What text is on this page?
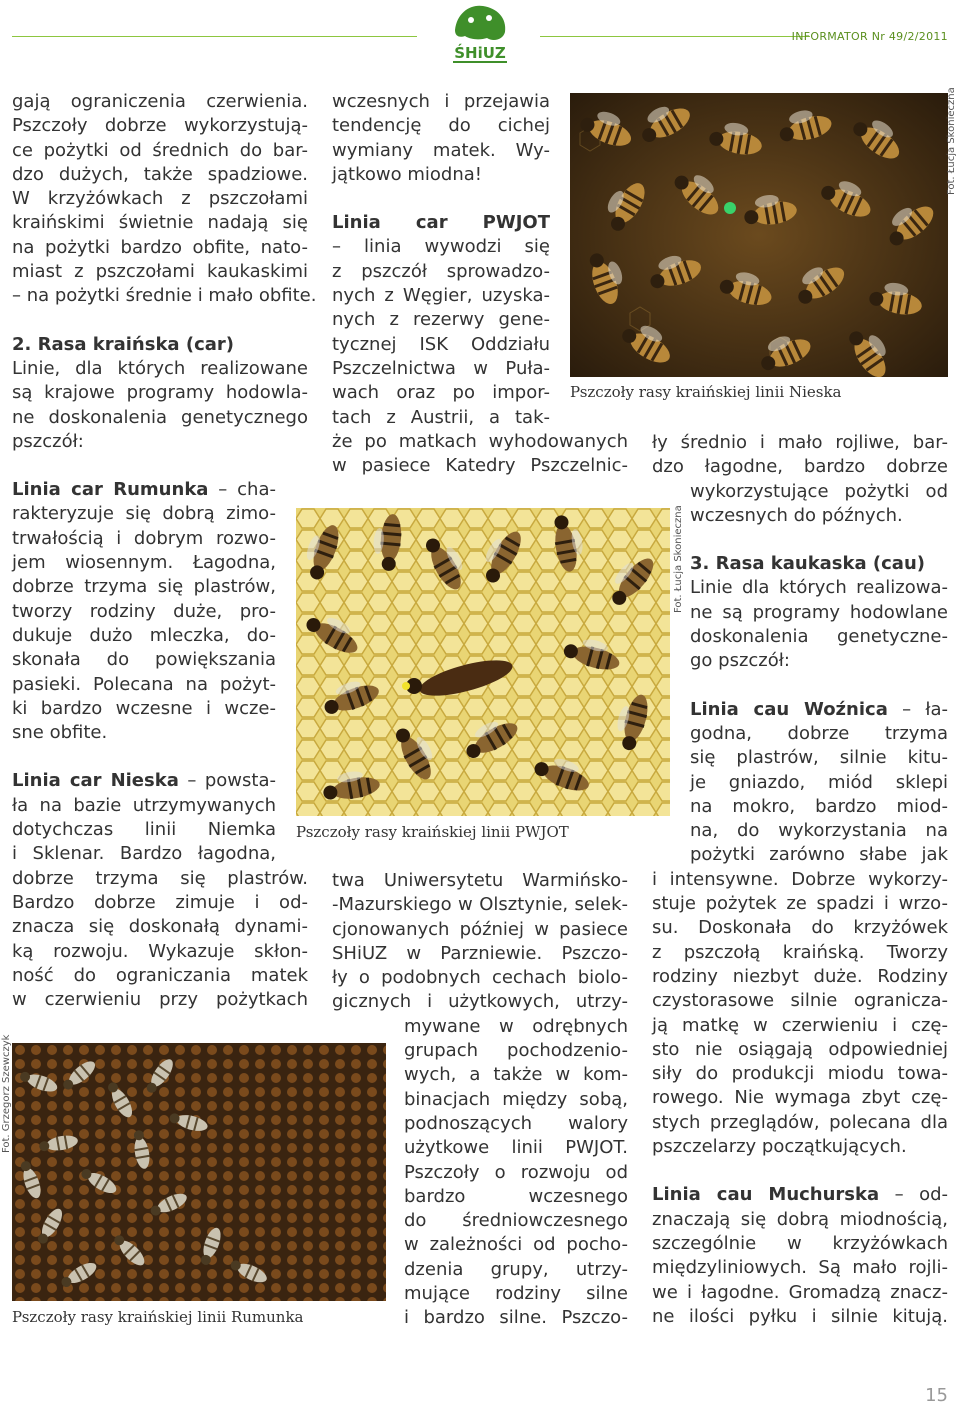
ŚHiUZ
INFORMATOR Nr 49/2/2011
gają ograniczenia czerwienia.
Pszczoły dobrze wykorzystują-
ce pożytki od średnich do bar-
dzo dużych, także spadziowe.
W krzyżówkach z pszczołami
kraińskimi świetnie nadają się
na pożytki bardzo obfite, nato-
miast z pszczołami kaukaskimi
– na pożytki średnie i mało obfite.
2. Rasa kraińska (car)
Linie, dla których realizowane
są krajowe programy hodowla-
ne doskonalenia genetycznego
pszczół:
Linia car Rumunka – cha-
rakteryzuje się dobrą zimo-
trwałością i dobrym rozwo-
jem wiosennym. Łagodna,
dobrze trzyma się plastrów,
tworzy rodziny duże, pro-
dukuje dużo mleczka, do-
skonała do powiększania
pasieki. Polecana na pożyt-
ki bardzo wczesne i wcze-
sne obfite.
Linia car Nieska – powsta-
ła na bazie utrzymywanych
dotychczas linii Niemka
i Sklenar. Bardzo łagodna,
dobrze trzyma się plastrów.
Bardzo dobrze zimuje i od-
znacza się doskonałą dynami-
ką rozwoju. Wykazuje skłon-
ność do ograniczania matek
w czerwieniu przy pożytkach
wczesnych i przejawia
tendencję do cichej
wymiany matek. Wy-
jątkowo miodna!
Linia car PWJOT
– linia wywodzi się
z pszczół sprowadzo-
nych z Węgier, uzyska-
nych z rezerwy gene-
tycznej ISK Oddziału
Pszczelnictwa w Puła-
wach oraz po impor-
tach z Austrii, a tak-
że po matkach wyhodowanych
w pasiece Katedry Pszczelnic-
twa Uniwersytetu Warmińsko-
-Mazurskiego w Olsztynie, selek-
cjonowanych później w pasiece
SHiUZ w Parzniewie. Pszczo-
ły o podobnych cechach biolo-
gicznych i użytkowych, utrzy-
mywane w odrębnych
grupach pochodzenio-
wych, a także w kom-
binacjach między sobą,
podnoszących walory
użytkowe linii PWJOT.
Pszczoły o rozwoju od
bardzo wczesnego
do średniowczesnego
w zależności od pocho-
dzenia grupy, utrzy-
mujące rodziny silne
i bardzo silne. Pszczo-
ły średnio i mało rojliwe, bar-
dzo łagodne, bardzo dobrze
wykorzystujące pożytki od
wczesnych do późnych.
3. Rasa kaukaska (cau)
Linie dla których realizowa-
ne są programy hodowlane
doskonalenia genetyczne-
go pszczół:
Linia cau Woźnica – ła-
godna, dobrze trzyma
się plastrów, silnie kitu-
je gniazdo, miód sklepi
na mokro, bardzo miod-
na, do wykorzystania na
pożytki zarówno słabe jak
i intensywne. Dobrze wykorzy-
stuje pożytek ze spadzi i wrzo-
su. Doskonała do krzyżówek
z pszczołą kraińską. Tworzy
rodziny niezbyt duże. Rodziny
czystorasowe silnie ogranicza-
ją matkę w czerwieniu i czę-
sto nie osiągają odpowiedniej
siły do produkcji miodu towa-
rowego. Nie wymaga zbyt czę-
stych przeglądów, polecana dla
pszczelarzy początkujących.
Linia cau Muchurska – od-
znaczają się dobrą miodnością,
szczególnie w krzyżówkach
międzyliniowych. Są mało rojli-
we i łagodne. Gromadzą znacz-
ne ilości pyłku i silnie kitują.
Pszczoły rasy kraińskiej linii Nieska
Fot. Łucja Skonieczna
Pszczoły rasy kraińskiej linii PWJOT
Fot. Łucja Skonieczna
Pszczoły rasy kraińskiej linii Rumunka
Fot. Grzegorz Szewczyk
15
